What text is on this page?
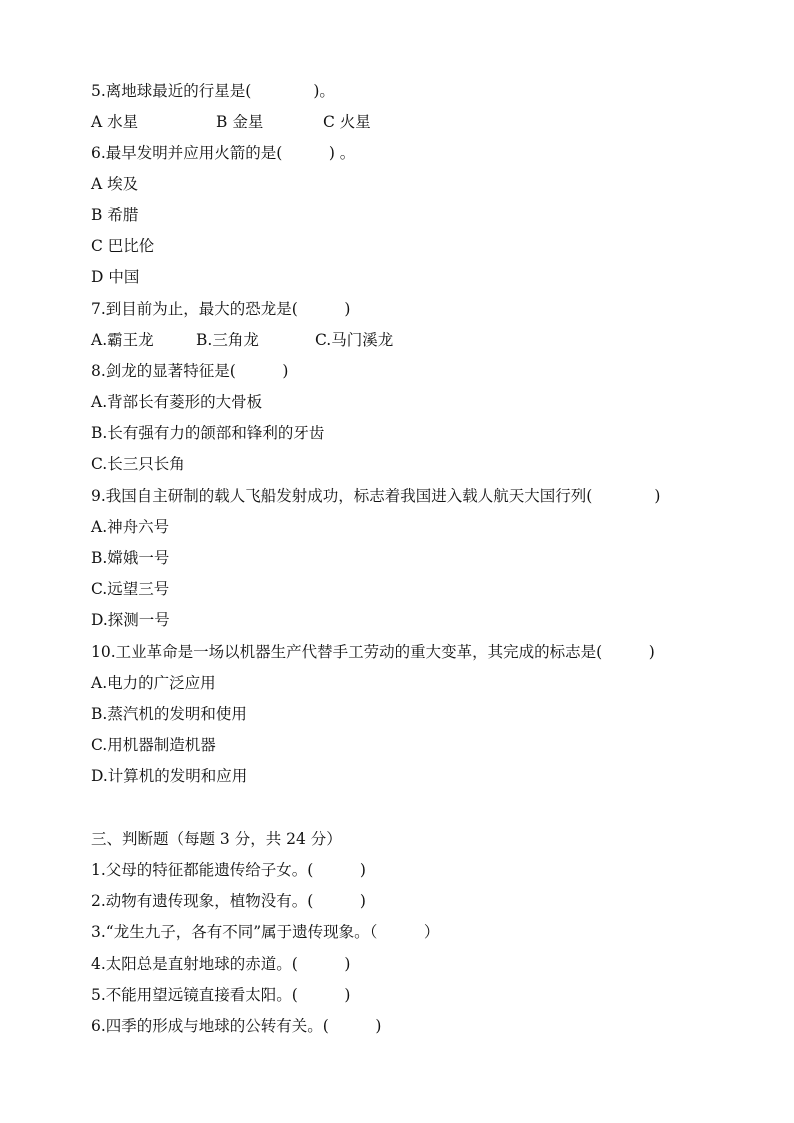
5.离地球最近的行星是(　　　　)。

A 水星

	B 金星

	C 火星

6.最早发明并应用火箭的是(　　　) 。
A 埃及
B 希腊
C 巴比伦
D 中国
7.到目前为止，最大的恐龙是(　　　)

A.霸王龙

	B.三角龙

	C.马门溪龙

8.剑龙的显著特征是(　　　)
A.背部长有菱形的大骨板
B.长有强有力的颌部和锋利的牙齿
C.长三只长角
9.我国自主研制的载人飞船发射成功，标志着我国进入载人航天大国行列(　　　　)
A.神舟六号
B.嫦娥一号
C.远望三号
D.探测一号
10.工业革命是一场以机器生产代替手工劳动的重大变革，其完成的标志是(　　　)
A.电力的广泛应用
B.蒸汽机的发明和使用
C.用机器制造机器
D.计算机的发明和应用
三、判断题（每题 3 分，共 24 分）
1.父母的特征都能遗传给子女。(　　　)
2.动物有遗传现象，植物没有。(　　　)
3.“龙生九子，各有不同”属于遗传现象。（　　　）
4.太阳总是直射地球的赤道。(　　　)
5.不能用望远镜直接看太阳。(　　　)
6.四季的形成与地球的公转有关。(　　　)
